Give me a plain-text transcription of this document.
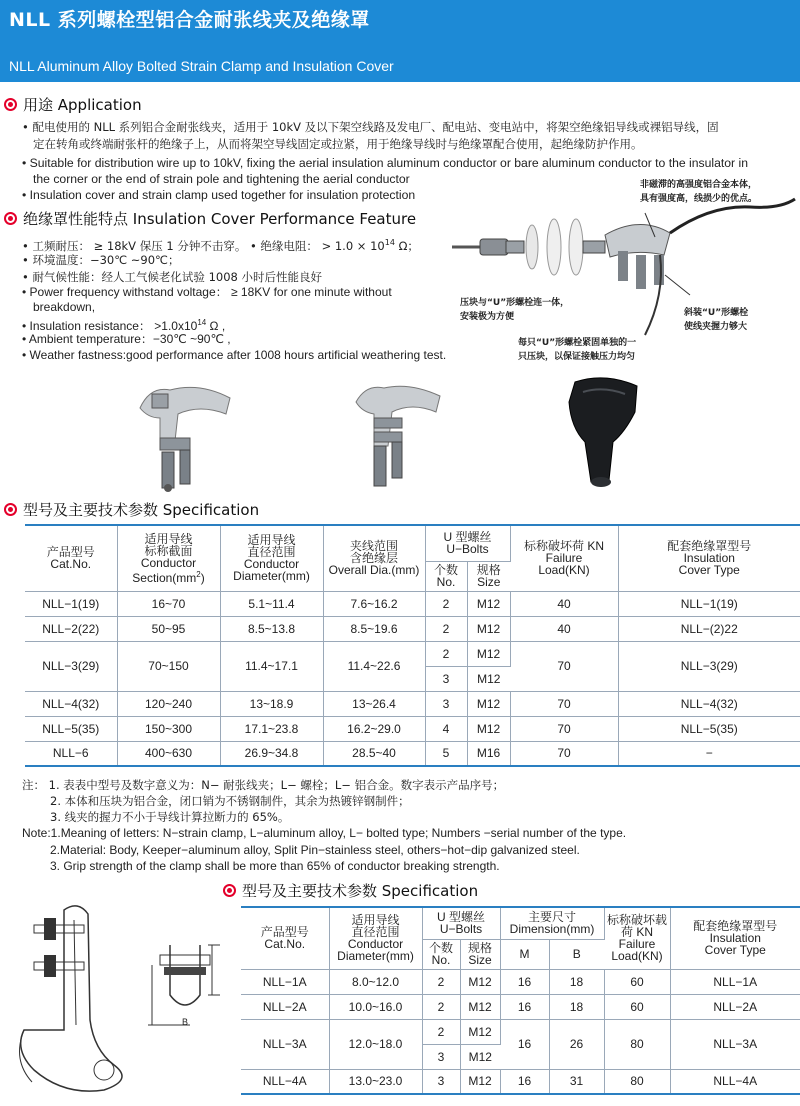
NLL 系列螺栓型铝合金耐张线夹及绝缘罩
NLL Aluminum Alloy Bolted Strain Clamp and Insulation Cover
用途 Application
• 配电使用的 NLL 系列铝合金耐张线夹，适用于 10kV 及以下架空线路及发电厂、配电站、变电站中，将架空绝缘铝导线或裸铝导线，固
定在转角或终端耐张杆的绝缘子上，从而将架空导线固定或拉紧，用于绝缘导线时与绝缘罩配合使用，起绝缘防护作用。
• Suitable for distribution wire up to 10kV, fixing the aerial insulation aluminum conductor or bare aluminum conductor to the insulator in
the corner or the end of strain pole and tightening the aerial conductor
• Insulation cover and strain clamp used together for insulation protection
绝缘罩性能特点 Insulation Cover Performance Feature
• 工频耐压： ≥ 18kV 保压 1 分钟不击穿。 • 绝缘电阻： > $1.0 \times 10^{14}$ Ω；
• 环境温度：−30℃ ~90℃；
• 耐气候性能：经人工气候老化试验 1008 小时后性能良好
• Power frequency withstand voltage： ≥ 18KV for one minute without
breakdown,
• Insulation resistance： $>1.0x10^{14}$ Ω ,
• Ambient temperature：−30℃ ~90℃ ,
• Weather fastness:good performance after 1008 hours artificial weathering test.
非磁滞的高强度铝合金本体，
具有强度高，线损少的优点。
压块与“U”形螺栓连一体，
安装极为方便	斜装“U”形螺栓
使线夹握力够大
每只“U”形螺栓紧固单独的一
只压块，以保证接触压力均匀
型号及主要技术参数 Specification
产品型号
Cat.No.	适用导线
标称截面
Conductor
$Section(mm^2)$	适用导线
直径范围
Conductor
Diameter(mm)	夹线范围
含绝缘层
Overall Dia.(mm)	U 型螺丝
U−Bolts		标称破坏荷 KN
Failure
Load(KN)	配套绝缘罩型号
Insulation
Cover Type

				个数
No.	规格
Size		

NLL−1(19)	16~70	5.1~11.4	7.6~16.2	2	M12	40	NLL−1(19)
NLL−2(22)	50~95	8.5~13.8	8.5~19.6	2	M12	40	NLL−(2)22
NLL−3(29)	70~150	11.4~17.1	11.4~22.6	2	M12	70	NLL−3(29)
				3	M12		
NLL−4(32)	120~240	13~18.9	13~26.4	3	M12	70	NLL−4(32)
NLL−5(35)	150~300	17.1~23.8	16.2~29.0	4	M12	70	NLL−5(35)
NLL−6	400~630	26.9~34.8	28.5~40	5	M16	70	−
注： 1. 表表中型号及数字意义为：N− 耐张线夹；L− 螺栓；L− 铝合金。数字表示产品序号；
2. 本体和压块为铝合金，闭口销为不锈钢制件，其余为热镀锌钢制件；
3. 线夹的握力不小于导线计算拉断力的 65%。
Note:1.Meaning of letters: N−strain clamp, L−aluminum alloy, L− bolted type; Numbers −serial number of the type.
2.Material: Body, Keeper−aluminum alloy, Split Pin−stainless steel, others−hot−dip galvanized steel.
3. Grip strength of the clamp shall be more than 65% of conductor breaking strength.
型号及主要技术参数 Specification
B
产品型号
Cat.No.	适用导线
直径范围
Conductor
Diameter(mm)	U 型螺丝
U−Bolts		主要尺寸
Dimension(mm)		标称破坏载
荷 KN
Failure
Load(KN)	配套绝缘罩型号
Insulation
Cover Type

		个数
No.	规格
Size	M	B		
NLL−1A	8.0~12.0	2	M12	16	18	60	NLL−1A
NLL−2A	10.0~16.0	2	M12	16	18	60	NLL−2A
NLL−3A	12.0~18.0	2	M12	16	26	80	NLL−3A
		3	M12				
NLL−4A	13.0~23.0	3	M12	16	31	80	NLL−4A
